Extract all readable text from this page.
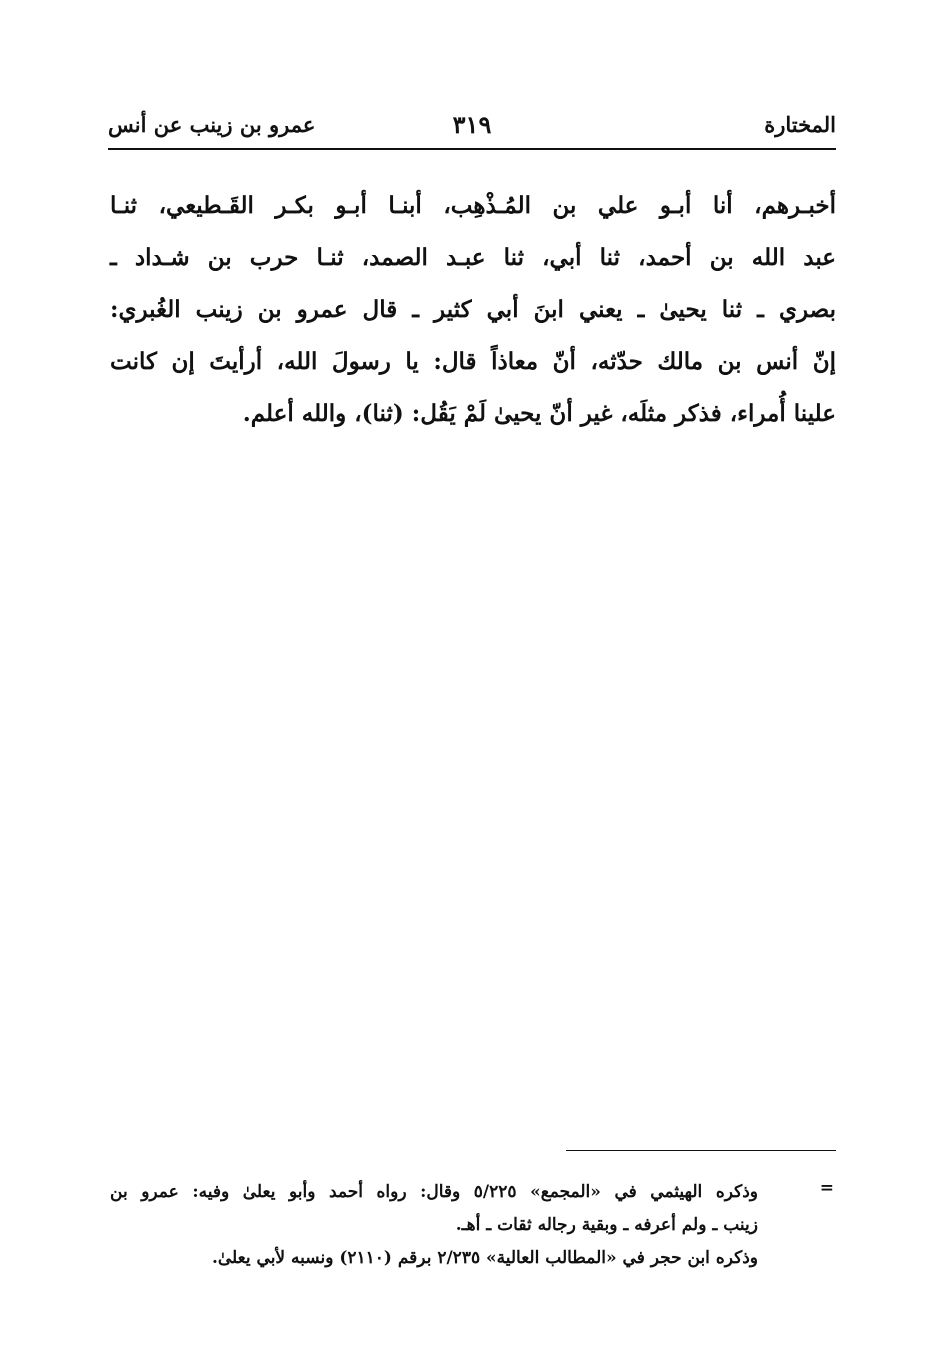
المختارة
٣١٩
عمرو بن زينب عن أنس
أخبـرهم، أنا أبـو علي بن المُـذْهِب، أبنـا أبـو بكـر القَـطيعي، ثنـا
عبد الله بن أحمد، ثنا أبي، ثنا عبـد الصمد، ثنـا حرب بن شـداد ـ
بصري ـ ثنا يحيىٰ ـ يعني ابنَ أبي كثير ـ قال عمرو بن زينب الغُبري:
إنّ أنس بن مالك حدّثه، أنّ معاذاً قال: يا رسولَ الله، أرأيتَ إن كانت
علينا أُمراء، فذكر مثلَه، غير أنّ يحيىٰ لَمْ يَقُل: (ثنا)، والله أعلم.
=
وذكره الهيثمي في «المجمع» ٥/٢٢٥ وقال: رواه أحمد وأبو يعلىٰ وفيه: عمرو بن
زينب ـ ولم أعرفه ـ وبقية رجاله ثقات ـ أهـ.
وذكره ابن حجر في «المطالب العالية» ٢/٢٣٥ برقم (٢١١٠) ونسبه لأبي يعلىٰ.
